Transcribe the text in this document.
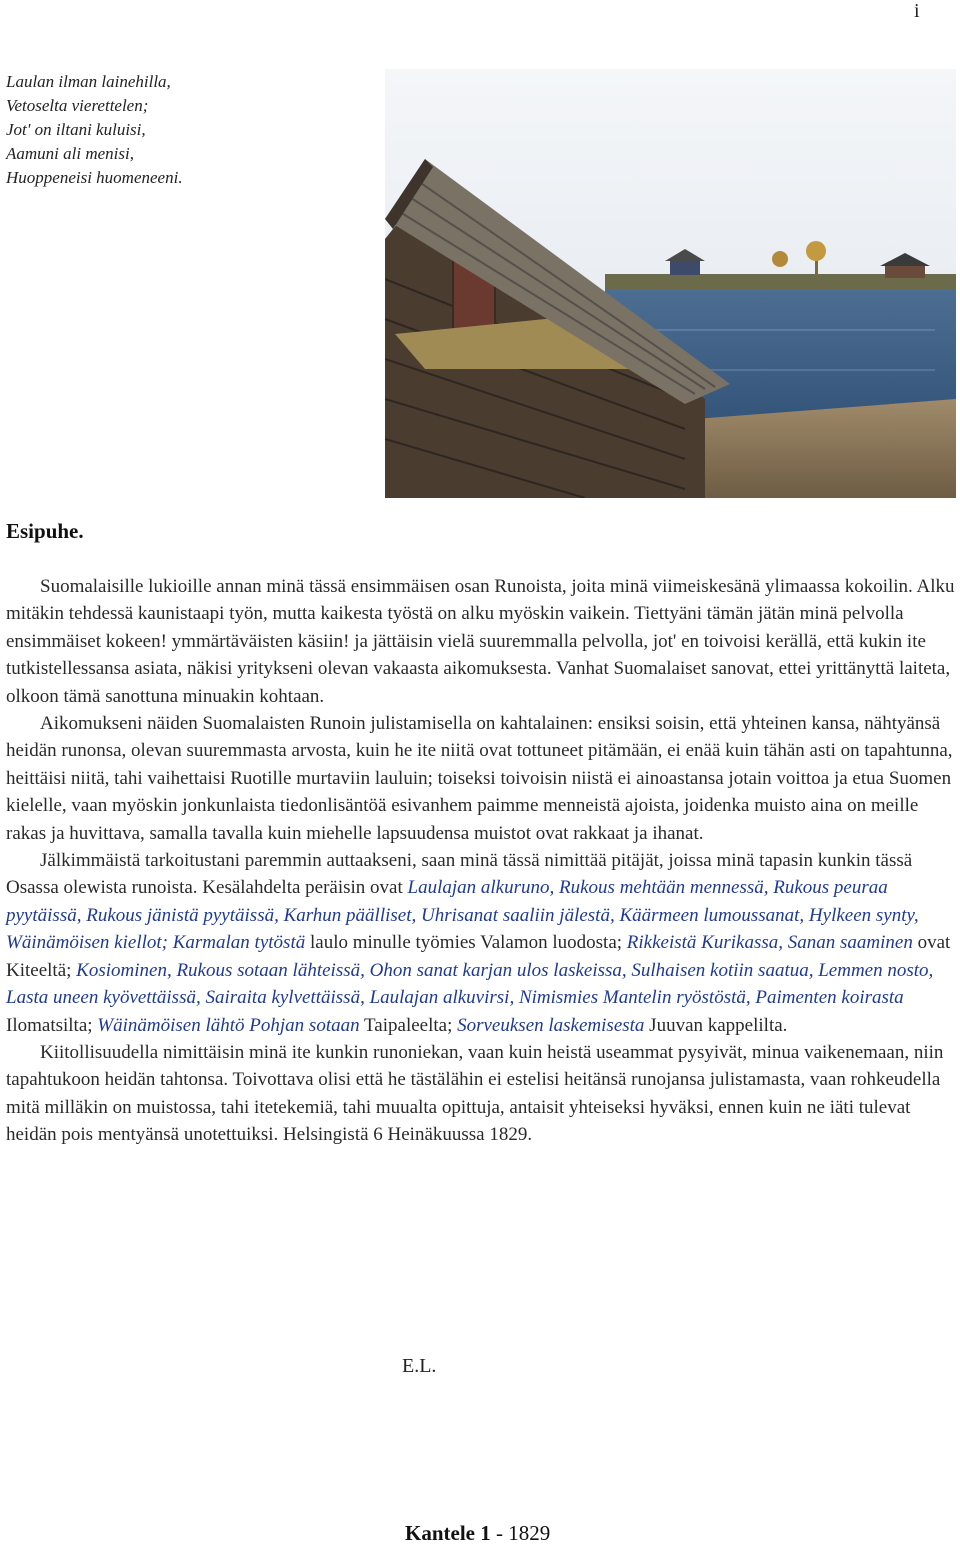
i
Laulan ilman lainehilla,
Vetoselta vierettelen;
Jot' on iltani kuluisi,
Aamuni ali menisi,
Huoppeneisi huomeneeni.
Esipuhe.

Suomalaisille lukioille annan minä tässä ensimmäisen osan Runoista, joita minä viimeiskesänä ylimaassa kokoilin. Alku mitäkin tehdessä kaunistaapi työn, mutta kaikesta työstä on alku myöskin vaikein. Tiettyäni tämän jätän minä pelvolla ensimmäiset kokeen! ymmärtäväisten käsiin! ja jättäisin vielä suuremmalla pelvolla, jot' en toivoisi kerällä, että kukin ite tutkistellessansa asiata, näkisi yritykseni olevan vakaasta aikomuksesta. Vanhat Suomalaiset sanovat, ettei yrittänyttä laiteta, olkoon tämä sanottuna minuakin kohtaan.

Aikomukseni näiden Suomalaisten Runoin julistamisella on kahtalainen: ensiksi soisin, että yhteinen kansa, nähtyänsä heidän runonsa, olevan suuremmasta arvosta, kuin he ite niitä ovat tottuneet pitämään, ei enää kuin tähän asti on tapahtunna, heittäisi niitä, tahi vaihettaisi Ruotille murtaviin lauluin; toiseksi toivoisin niistä ei ainoastansa jotain voittoa ja etua Suomen kielelle, vaan myöskin jonkunlaista tiedonlisäntöä esivanhem paimme menneistä ajoista, joidenka muisto aina on meille rakas ja huvittava, samalla tavalla kuin miehelle lapsuudensa muistot ovat rakkaat ja ihanat.

Jälkimmäistä tarkoitustani paremmin auttaakseni, saan minä tässä nimittää pitäjät, joissa minä tapasin kunkin tässä Osassa olewista runoista. Kesälahdelta peräisin ovat Laulajan alkuruno, Rukous mehtään mennessä, Rukous peuraa pyytäissä, Rukous jänistä pyytäissä, Karhun päälliset, Uhrisanat saaliin jälestä, Käärmeen lumoussanat, Hylkeen synty, Wäinämöisen kiellot; Karmalan tytöstä laulo minulle työmies Valamon luodosta; Rikkeistä Kurikassa, Sanan saaminen ovat Kiteeltä; Kosiominen, Rukous sotaan lähteissä, Ohon sanat karjan ulos laskeissa, Sulhaisen kotiin saatua, Lemmen nosto, Lasta uneen kyövettäissä, Sairaita kylvettäissä, Laulajan alkuvirsi, Nimismies Mantelin ryöstöstä, Paimenten koirasta Ilomatsilta; Wäinämöisen lähtö Pohjan sotaan Taipaleelta; Sorveuksen laskemisesta Juuvan kappelilta.

Kiitollisuudella nimittäisin minä ite kunkin runoniekan, vaan kuin heistä useammat pysyivät, minua vaikenemaan, niin tapahtukoon heidän tahtonsa. Toivottava olisi että he tästälähin ei estelisi heitänsä runojansa julistamasta, vaan rohkeudella mitä milläkin on muistossa, tahi itetekemiä, tahi muualta opittuja, antaisit yhteiseksi hyväksi, ennen kuin ne iäti tulevat heidän pois mentyänsä unotettuiksi. Helsingistä 6 Heinäkuussa 1829.

E.L.
Kantele 1 - 1829
